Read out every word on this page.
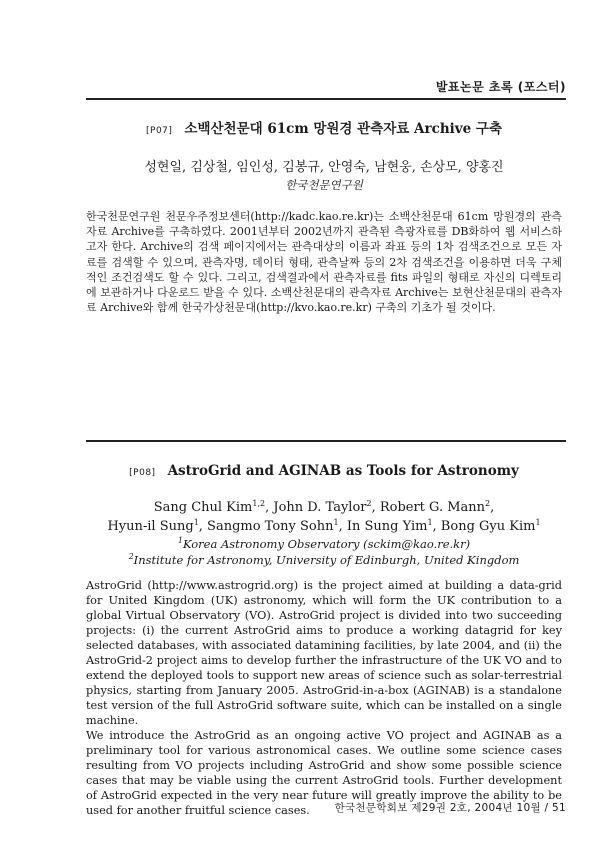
발표논문 초록 (포스터)
[P07] 소백산천문대 61cm 망원경 관측자료 Archive 구축
성현일, 김상철, 임인성, 김봉규, 안영숙, 남현웅, 손상모, 양홍진
한국천문연구원
한국천문연구원 천문우주정보센터(http://kadc.kao.re.kr)는 소백산천문대 61cm 망원경의 관측자료 Archive를 구축하였다. 2001년부터 2002년까지 관측된 측광자료를 DB화하여 웹 서비스하고자 한다. Archive의 검색 페이지에서는 관측대상의 이름과 좌표 등의 1차 검색조건으로 모든 자료를 검색할 수 있으며, 관측자명, 데이터 형태, 관측날짜 등의 2차 검색조건을 이용하면 더욱 구체적인 조건검색도 할 수 있다. 그리고, 검색결과에서 관측자료를 fits 파일의 형태로 자신의 디렉토리에 보관하거나 다운로드 받을 수 있다. 소백산천문대의 관측자료 Archive는 보현산천문대의 관측자료 Archive와 함께 한국가상천문대(http://kvo.kao.re.kr) 구축의 기초가 될 것이다.
[P08] AstroGrid and AGINAB as Tools for Astronomy
Sang Chul Kim$^{1,2}$, John D. Taylor$^2$, Robert G. Mann$^2$,
Hyun-il Sung$^1$, Sangmo Tony Sohn$^1$, In Sung Yim$^1$, Bong Gyu Kim$^1$
$^1$Korea Astronomy Observatory (sckim@kao.re.kr)
$^2$Institute for Astronomy, University of Edinburgh, United Kingdom

AstroGrid (http://www.astrogrid.org) is the project aimed at building a data-grid for United Kingdom (UK) astronomy, which will form the UK contribution to a global Virtual Observatory (VO). AstroGrid project is divided into two succeeding projects: (i) the current AstroGrid aims to produce a working datagrid for key selected databases, with associated datamining facilities, by late 2004, and (ii) the AstroGrid-2 project aims to develop further the infrastructure of the UK VO and to extend the deployed tools to support new areas of science such as solar-terrestrial physics, starting from January 2005. AstroGrid-in-a-box (AGINAB) is a standalone test version of the full AstroGrid software suite, which can be installed on a single machine.

We introduce the AstroGrid as an ongoing active VO project and AGINAB as a preliminary tool for various astronomical cases. We outline some science cases resulting from VO projects including AstroGrid and show some possible science cases that may be viable using the current AstroGrid tools. Further development of AstroGrid expected in the very near future will greatly improve the ability to be used for another fruitful science cases.	한국천문학회보 제29권 2호, 2004년 10월 / 51
